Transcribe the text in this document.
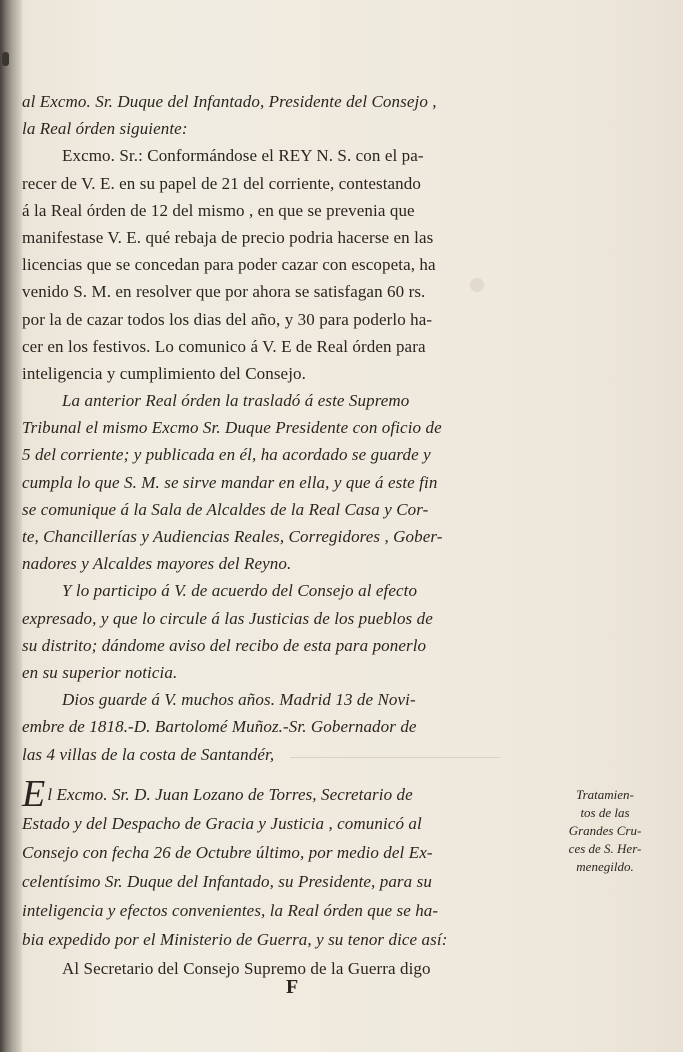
al Excmo. Sr. Duque del Infantado, Presidente del Consejo ,
la Real órden siguiente:
Excmo. Sr.: Conformándose el REY N. S. con el pa-
recer de V. E. en su papel de 21 del corriente, contestando
á la Real órden de 12 del mismo , en que se prevenia que
manifestase V. E. qué rebaja de precio podria hacerse en las
licencias que se concedan para poder cazar con escopeta, ha
venido S. M. en resolver que por ahora se satisfagan 60 rs.
por la de cazar todos los dias del año, y 30 para poderlo ha-
cer en los festivos. Lo comunico á V. E de Real órden para
inteligencia y cumplimiento del Consejo.
La anterior Real órden la trasladó á este Supremo
Tribunal el mismo Excmo Sr. Duque Presidente con oficio de
5 del corriente; y publicada en él, ha acordado se guarde y
cumpla lo que S. M. se sirve mandar en ella, y que á este fin
se comunique á la Sala de Alcaldes de la Real Casa y Cor-
te, Chancillerías y Audiencias Reales, Corregidores , Gober-
nadores y Alcaldes mayores del Reyno.
Y lo participo á V. de acuerdo del Consejo al efecto
expresado, y que lo circule á las Justicias de los pueblos de
su distrito; dándome aviso del recibo de esta para ponerlo
en su superior noticia.
Dios guarde á V. muchos años. Madrid 13 de Novi-
embre de 1818.-D. Bartolomé Muñoz.-Sr. Gobernador de
las 4 villas de la costa de Santandér,
El Excmo. Sr. D. Juan Lozano de Torres, Secretario de
Estado y del Despacho de Gracia y Justicia , comunicó al
Consejo con fecha 26 de Octubre último, por medio del Ex-
celentísimo Sr. Duque del Infantado, su Presidente, para su
inteligencia y efectos convenientes, la Real órden que se ha-
bia expedido por el Ministerio de Guerra, y su tenor dice así:
Al Secretario del Consejo Supremo de la Guerra digo
Tratamien-
tos de las
Grandes Cru-
ces de S. Her-
menegildo.
F
